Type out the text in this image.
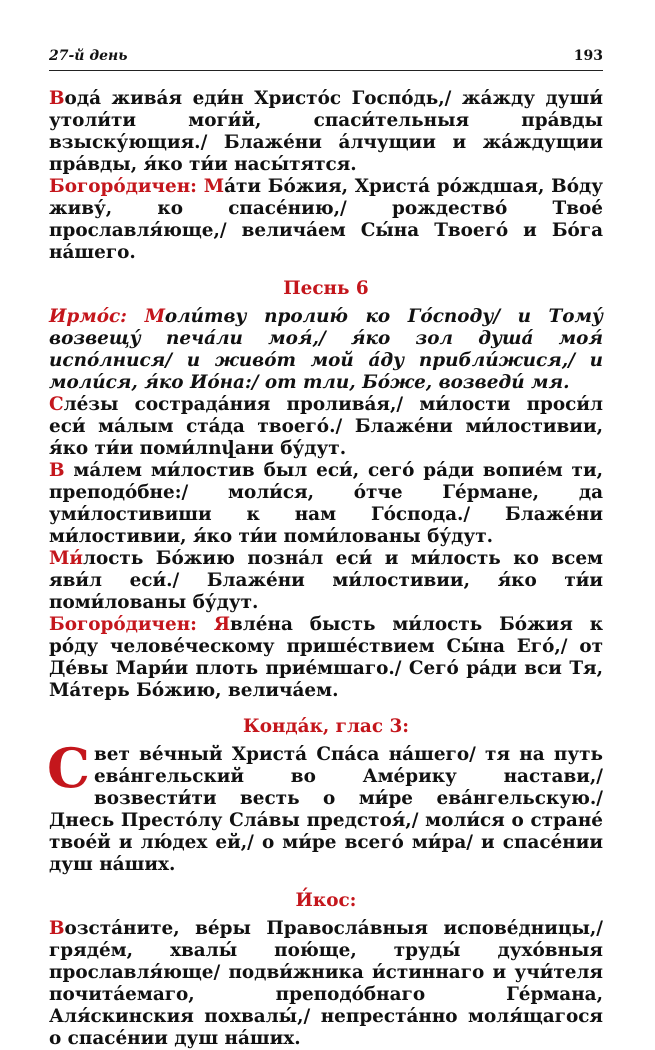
27-й день	193

Вода́ жива́я еди́н Христо́с Госпо́дь,/ жа́жду души́ утоли́ти моги́й, спаси́тельныя пра́вды взыску́ющия./ Блаже́ни а́лчущии и жа́ждущии пра́вды, я́ко ти́и насы́тятся.

Богоро́дичен: Ма́ти Бо́жия, Христа́ ро́ждшая, Во́ду живу́, ко спасе́нию,/ рождество́ Твое́ прославля́юще,/ велича́ем Сы́на Твоего́ и Бо́га на́шего.

Песнь 6

Ирмо́с: Моли́тву пролию́ ко Го́споду/ и Тому́ возвещу́ печа́ли моя́,/ я́ко зол душа́ моя́ испо́лнися/ и живо́т мой а́ду прибли́жися,/ и моли́ся, я́ко Ио́на:/ от тли, Бо́же, возведи́ мя.

Сле́зы сострада́ния пролива́я,/ ми́лости проси́л еси́ ма́лым ста́да твоего́./ Блаже́ни ми́лостивии, я́ко ти́и поми́лովани бу́дут.

В ма́лем ми́лостив был еси́, сего́ ра́ди вопие́м ти, преподо́бне:/ моли́ся, о́тче Ге́рмане, да уми́лостивиши к нам Го́спода./ Блаже́ни ми́лостивии, я́ко ти́и поми́лованы бу́дут.

Ми́лость Бо́жию позна́л еси́ и ми́лость ко всем яви́л еси́./ Блаже́ни ми́лостивии, я́ко ти́и поми́лованы бу́дут.

Богоро́дичен: Явле́на бысть ми́лость Бо́жия к ро́ду челове́ческому прише́ствием Сы́на Его́,/ от Де́вы Мари́и плоть прие́мшаго./ Сего́ ра́ди вси Тя, Ма́терь Бо́жию, велича́ем.

Конда́к, глас 3:

Свет ве́чный Христа́ Спа́са на́шего/ тя на путь ева́нгельский во Аме́рику настави,/ возвести́ти весть о ми́ре ева́нгельскую./ Днесь Престо́лу Сла́вы предстоя́,/ моли́ся о стране́ твое́й и лю́дех ей,/ о ми́ре всего́ ми́ра/ и спасе́нии душ на́ших.

И́кос:

Возста́ните, ве́ры Правосла́вныя испове́дницы,/ гряде́м, хвалы́ пою́ще, труды́ духо́вныя прославля́юще/ подви́жника и́стиннаго и учи́теля почита́емаго, преподо́бнаго Ге́рмана, Аля́скинския похвалы́,/ непреста́нно моля́щагося о спасе́нии душ на́ших.
